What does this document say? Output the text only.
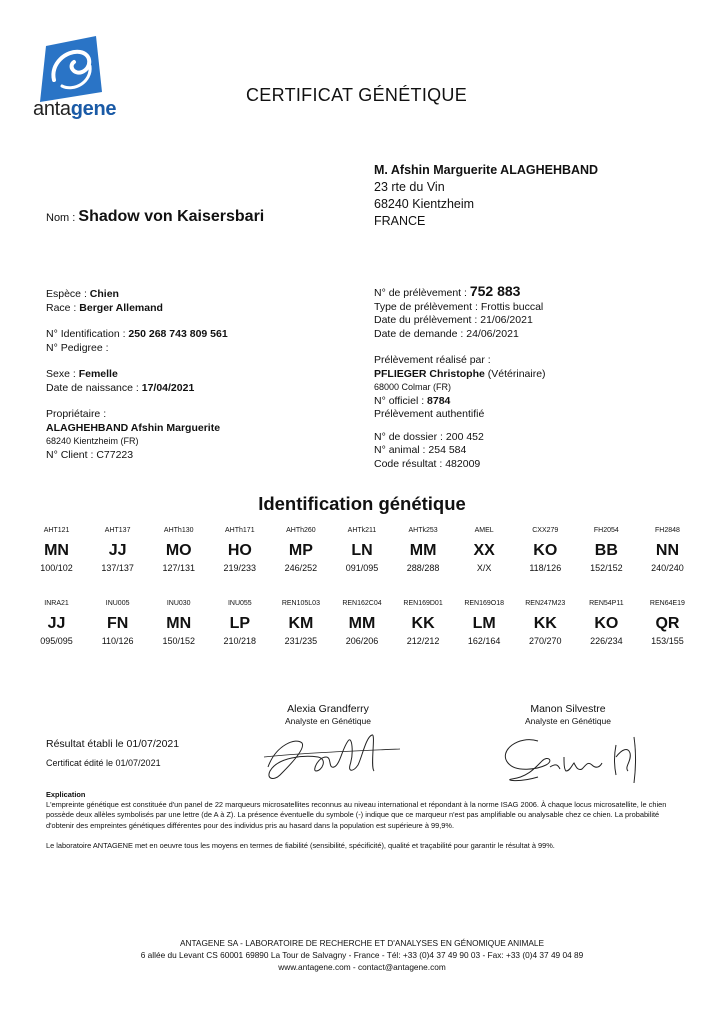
antagene
CERTIFICAT GÉNÉTIQUE
M. Afshin Marguerite ALAGHEHBAND
23 rte du Vin
68240 Kientzheim
FRANCE
Nom : Shadow von Kaisersbari
Espèce : Chien
Race : Berger Allemand
N° Identification : 250 268 743 809 561
N° Pedigree :
Sexe : Femelle
Date de naissance : 17/04/2021
Propriétaire :
ALAGHEHBAND Afshin Marguerite
68240 Kientzheim (FR)
N° Client : C77223
N° de prélèvement : 752 883
Type de prélèvement : Frottis buccal
Date du prélèvement : 21/06/2021
Date de demande : 24/06/2021
Prélèvement réalisé par :
PFLIEGER Christophe (Vétérinaire)
68000 Colmar (FR)
N° officiel : 8784
Prélèvement authentifié
N° de dossier : 200 452
N° animal : 254 584
Code résultat : 482009
Identification génétique
AHT121
MN
100/102
AHT137
JJ
137/137
AHTh130
MO
127/131
AHTh171
HO
219/233
AHTh260
MP
246/252
AHTk211
LN
091/095
AHTk253
MM
288/288
AMEL
XX
X/X
CXX279
KO
118/126
FH2054
BB
152/152
FH2848
NN
240/240
INRA21
JJ
095/095
INU005
FN
110/126
INU030
MN
150/152
INU055
LP
210/218
REN105L03
KM
231/235
REN162C04
MM
206/206
REN169D01
KK
212/212
REN169O18
LM
162/164
REN247M23
KK
270/270
REN54P11
KO
226/234
REN64E19
QR
153/155
Alexia Grandferry
Analyste en Génétique
Manon Silvestre
Analyste en Génétique
Résultat établi le 01/07/2021
Certificat édité le 01/07/2021
Explication
L'empreinte génétique est constituée d'un panel de 22 marqueurs microsatellites reconnus au niveau international et répondant à la norme ISAG 2006. À chaque locus microsatellite, le chien possède deux allèles symbolisés par une lettre (de A à Z). La présence éventuelle du symbole (-) indique que ce marqueur n'est pas amplifiable ou analysable chez ce chien. La probabilité d'obtenir des empreintes génétiques différentes pour des individus pris au hasard dans la population est supérieure à 99,9%.
Le laboratoire ANTAGENE met en oeuvre tous les moyens en termes de fiabilité (sensibilité, spécificité), qualité et traçabilité pour garantir le résultat à 99%.
ANTAGENE SA - LABORATOIRE DE RECHERCHE ET D'ANALYSES EN GÉNOMIQUE ANIMALE
6 allée du Levant CS 60001 69890 La Tour de Salvagny - France - Tél: +33 (0)4 37 49 90 03 - Fax: +33 (0)4 37 49 04 89
www.antagene.com - contact@antagene.com
